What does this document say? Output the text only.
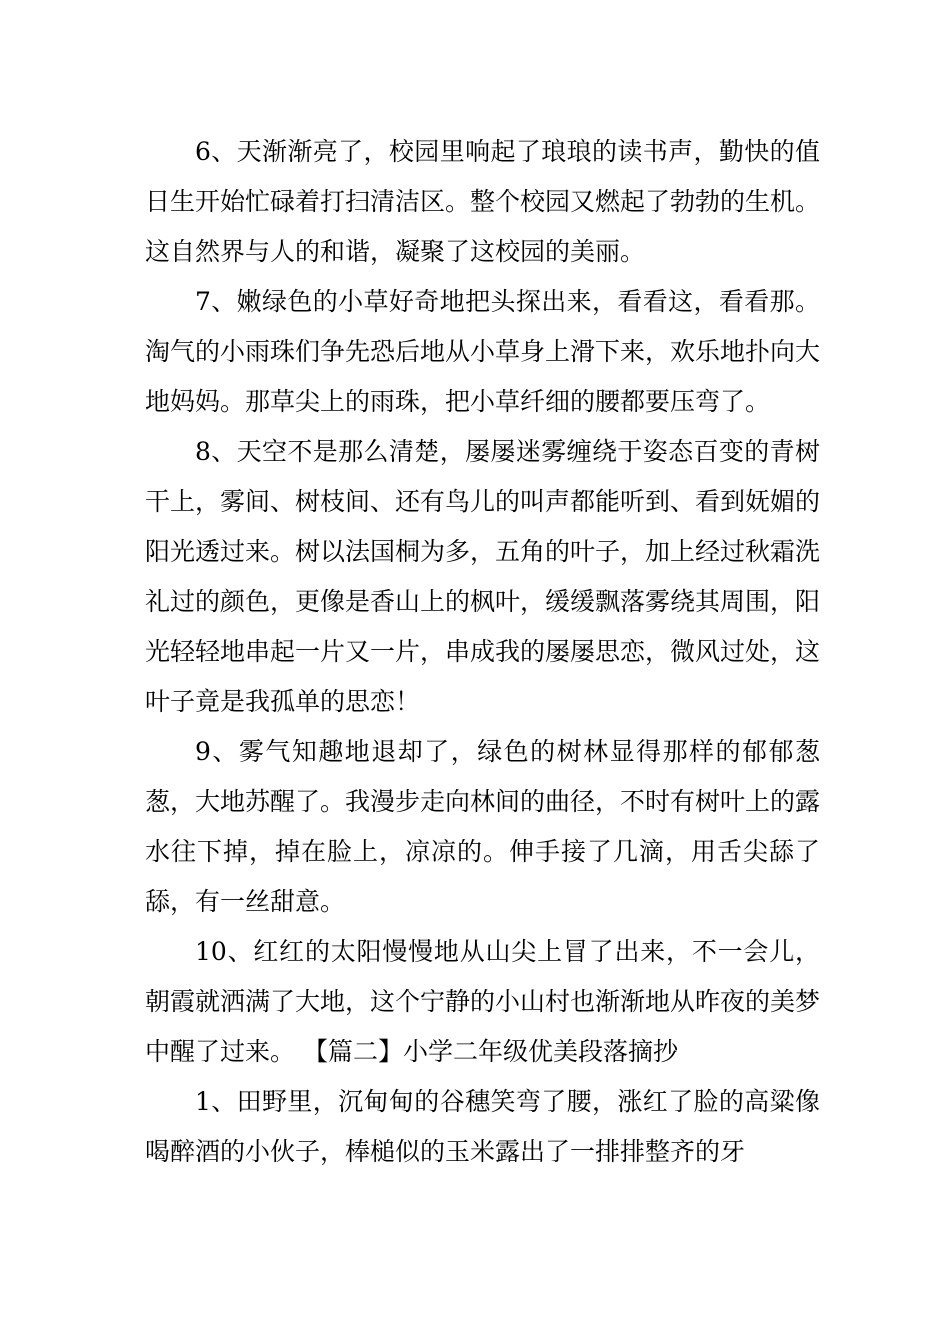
6、天渐渐亮了，校园里响起了琅琅的读书声，勤快的值日生开始忙碌着打扫清洁区。整个校园又燃起了勃勃的生机。这自然界与人的和谐，凝聚了这校园的美丽。

7、嫩绿色的小草好奇地把头探出来，看看这，看看那。淘气的小雨珠们争先恐后地从小草身上滑下来，欢乐地扑向大地妈妈。那草尖上的雨珠，把小草纤细的腰都要压弯了。

8、天空不是那么清楚，屡屡迷雾缠绕于姿态百变的青树干上，雾间、树枝间、还有鸟儿的叫声都能听到、看到妩媚的阳光透过来。树以法国桐为多，五角的叶子，加上经过秋霜洗礼过的颜色，更像是香山上的枫叶，缓缓飘落雾绕其周围，阳光轻轻地串起一片又一片，串成我的屡屡思恋，微风过处，这叶子竟是我孤单的思恋！

9、雾气知趣地退却了，绿色的树林显得那样的郁郁葱葱，大地苏醒了。我漫步走向林间的曲径，不时有树叶上的露水往下掉，掉在脸上，凉凉的。伸手接了几滴，用舌尖舔了舔，有一丝甜意。

10、红红的太阳慢慢地从山尖上冒了出来，不一会儿，朝霞就洒满了大地，这个宁静的小山村也渐渐地从昨夜的美梦中醒了过来。 【篇二】小学二年级优美段落摘抄

1、田野里，沉甸甸的谷穗笑弯了腰，涨红了脸的高粱像喝醉酒的小伙子，棒槌似的玉米露出了一排排整齐的牙
